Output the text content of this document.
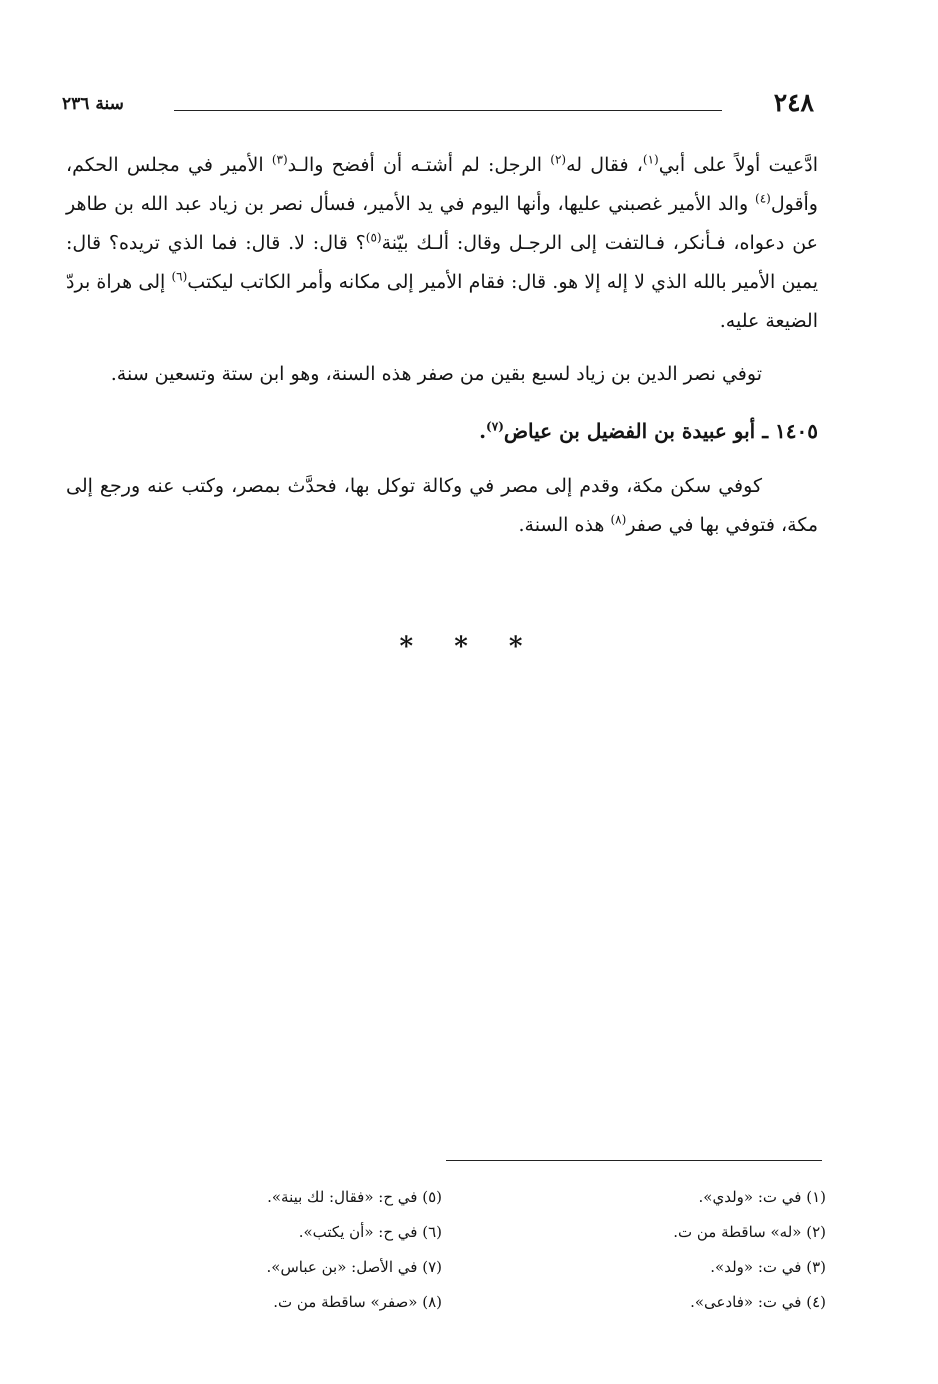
٢٤٨
سنة ٢٣٦

ادَّعيت أولاً على أبي$^{(١)}$، فقال له$^{(٢)}$ الرجل: لم أشتـه أن أفضح والـد$^{(٣)}$ الأمير في مجلس الحكم، وأقول$^{(٤)}$ والد الأمير غصبني عليها، وأنها اليوم في يد الأمير، فسأل نصر بن زياد عبد الله بن طاهر عن دعواه، فـأنكر، فـالتفت إلى الرجـل وقال: ألـك بيّنة$^{(٥)}$؟ قال: لا. قال: فما الذي تريده؟ قال: يمين الأمير بالله الذي لا إله إلا هو. قال: فقام الأمير إلى مكانه وأمر الكاتب ليكتب$^{(٦)}$ إلى هراة بردّ الضيعة عليه.

توفي نصر الدين بن زياد لسبع بقين من صفر هذه السنة، وهو ابن ستة وتسعين سنة.

١٤٠٥ ـ أبو عبيدة بن الفضيل بن عياض$^{(٧)}$.

كوفي سكن مكة، وقدم إلى مصر في وكالة توكل بها، فحدَّث بمصر، وكتب عنه ورجع إلى مكة، فتوفي بها في صفر$^{(٨)}$ هذه السنة.

* * *
(١) في ت: «ولدي».
(٢) «له» ساقطة من ت.
(٣) في ت: «ولد».
(٤) في ت: «فادعى».
(٥) في ح: «فقال: لك بينة».
(٦) في ح: «أن يكتب».
(٧) في الأصل: «بن عباس».
(٨) «صفر» ساقطة من ت.
